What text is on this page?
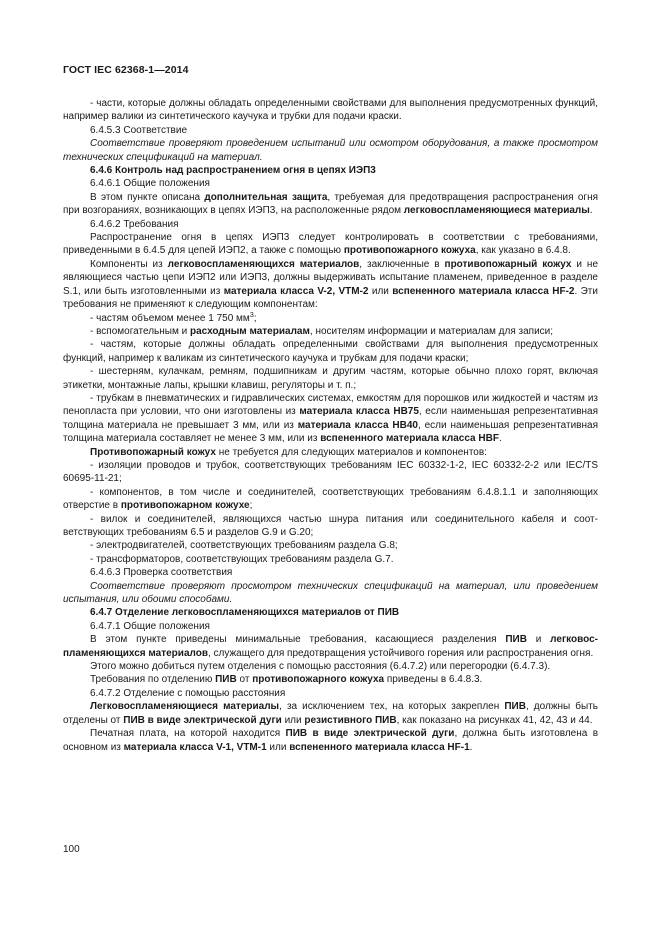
ГОСТ IEC 62368-1—2014

- части, которые должны обладать определенными свойствами для выполнения предусмотренных функций, например валики из синтетического каучука и трубки для подачи краски.

6.4.5.3 Соответствие

Соответствие проверяют проведением испытаний или осмотром оборудования, а также просмотром технических спецификаций на материал.

6.4.6 Контроль над распространением огня в цепях ИЭП3

6.4.6.1 Общие положения

В этом пункте описана дополнительная защита, требуемая для предотвращения распространения огня при возгораниях, возникающих в цепях ИЭП3, на расположенные рядом легковоспламеняющиеся материалы.

6.4.6.2 Требования

Распространение огня в цепях ИЭП3 следует контролировать в соответствии с требованиями, приведенными в 6.4.5 для цепей ИЭП2, а также с помощью противопожарного кожуха, как указано в 6.4.8.

Компоненты из легковоспламеняющихся материалов, заключенные в противопожарный кожух и не являющиеся частью цепи ИЭП2 или ИЭП3, должны выдерживать испытание пламенем, приведенное в разделе S.1, или быть изготовленными из материала класса V-2, VTM-2 или вспененного материала класса HF-2. Эти требования не применяют к следующим компонентам:

- частям объемом менее 1 750 $мм^3$;

- вспомогательным и расходным материалам, носителям информации и материалам для записи;

- частям, которые должны обладать определенными свойствами для выполнения предусмотренных функций, например к валикам из синтетического каучука и трубкам для подачи краски;

- шестерням, кулачкам, ремням, подшипникам и другим частям, которые обычно плохо горят, включая этикетки, монтажные лапы, крышки клавиш, регуляторы и т. п.;

- трубкам в пневматических и гидравлических системах, емкостям для порошков или жидкостей и частям из пенопласта при условии, что они изготовлены из материала класса HB75, если наименьшая репрезентативная толщина материала не превышает 3 мм, или из материала класса HB40, если наименьшая репрезентативная толщина материала составляет не менее 3 мм, или из вспененного материала класса HBF.

Противопожарный кожух не требуется для следующих материалов и компонентов:

- изоляции проводов и трубок, соответствующих требованиям IEC 60332-1-2, IEC 60332-2-2 или IEC/TS 60695-11-21;

- компонентов, в том числе и соединителей, соответствующих требованиям 6.4.8.1.1 и заполняющих отверстие в противопожарном кожухе;

- вилок и соединителей, являющихся частью шнура питания или соединительного кабеля и соответствующих требованиям 6.5 и разделов G.9 и G.20;

- электродвигателей, соответствующих требованиям раздела G.8;

- трансформаторов, соответствующих требованиям раздела G.7.

6.4.6.3 Проверка соответствия

Соответствие проверяют просмотром технических спецификаций на материал, или проведением испытания, или обоими способами.

6.4.7 Отделение легковоспламеняющихся материалов от ПИВ

6.4.7.1 Общие положения

В этом пункте приведены минимальные требования, касающиеся разделения ПИВ и легковоспламеняющихся материалов, служащего для предотвращения устойчивого горения или распространения огня.

Этого можно добиться путем отделения с помощью расстояния (6.4.7.2) или перегородки (6.4.7.3).

Требования по отделению ПИВ от противопожарного кожуха приведены в 6.4.8.3.

6.4.7.2 Отделение с помощью расстояния

Легковоспламеняющиеся материалы, за исключением тех, на которых закреплен ПИВ, должны быть отделены от ПИВ в виде электрической дуги или резистивного ПИВ, как показано на рисунках 41, 42, 43 и 44.

Печатная плата, на которой находится ПИВ в виде электрической дуги, должна быть изготовлена в основном из материала класса V-1, VTM-1 или вспененного материала класса HF-1.

100
